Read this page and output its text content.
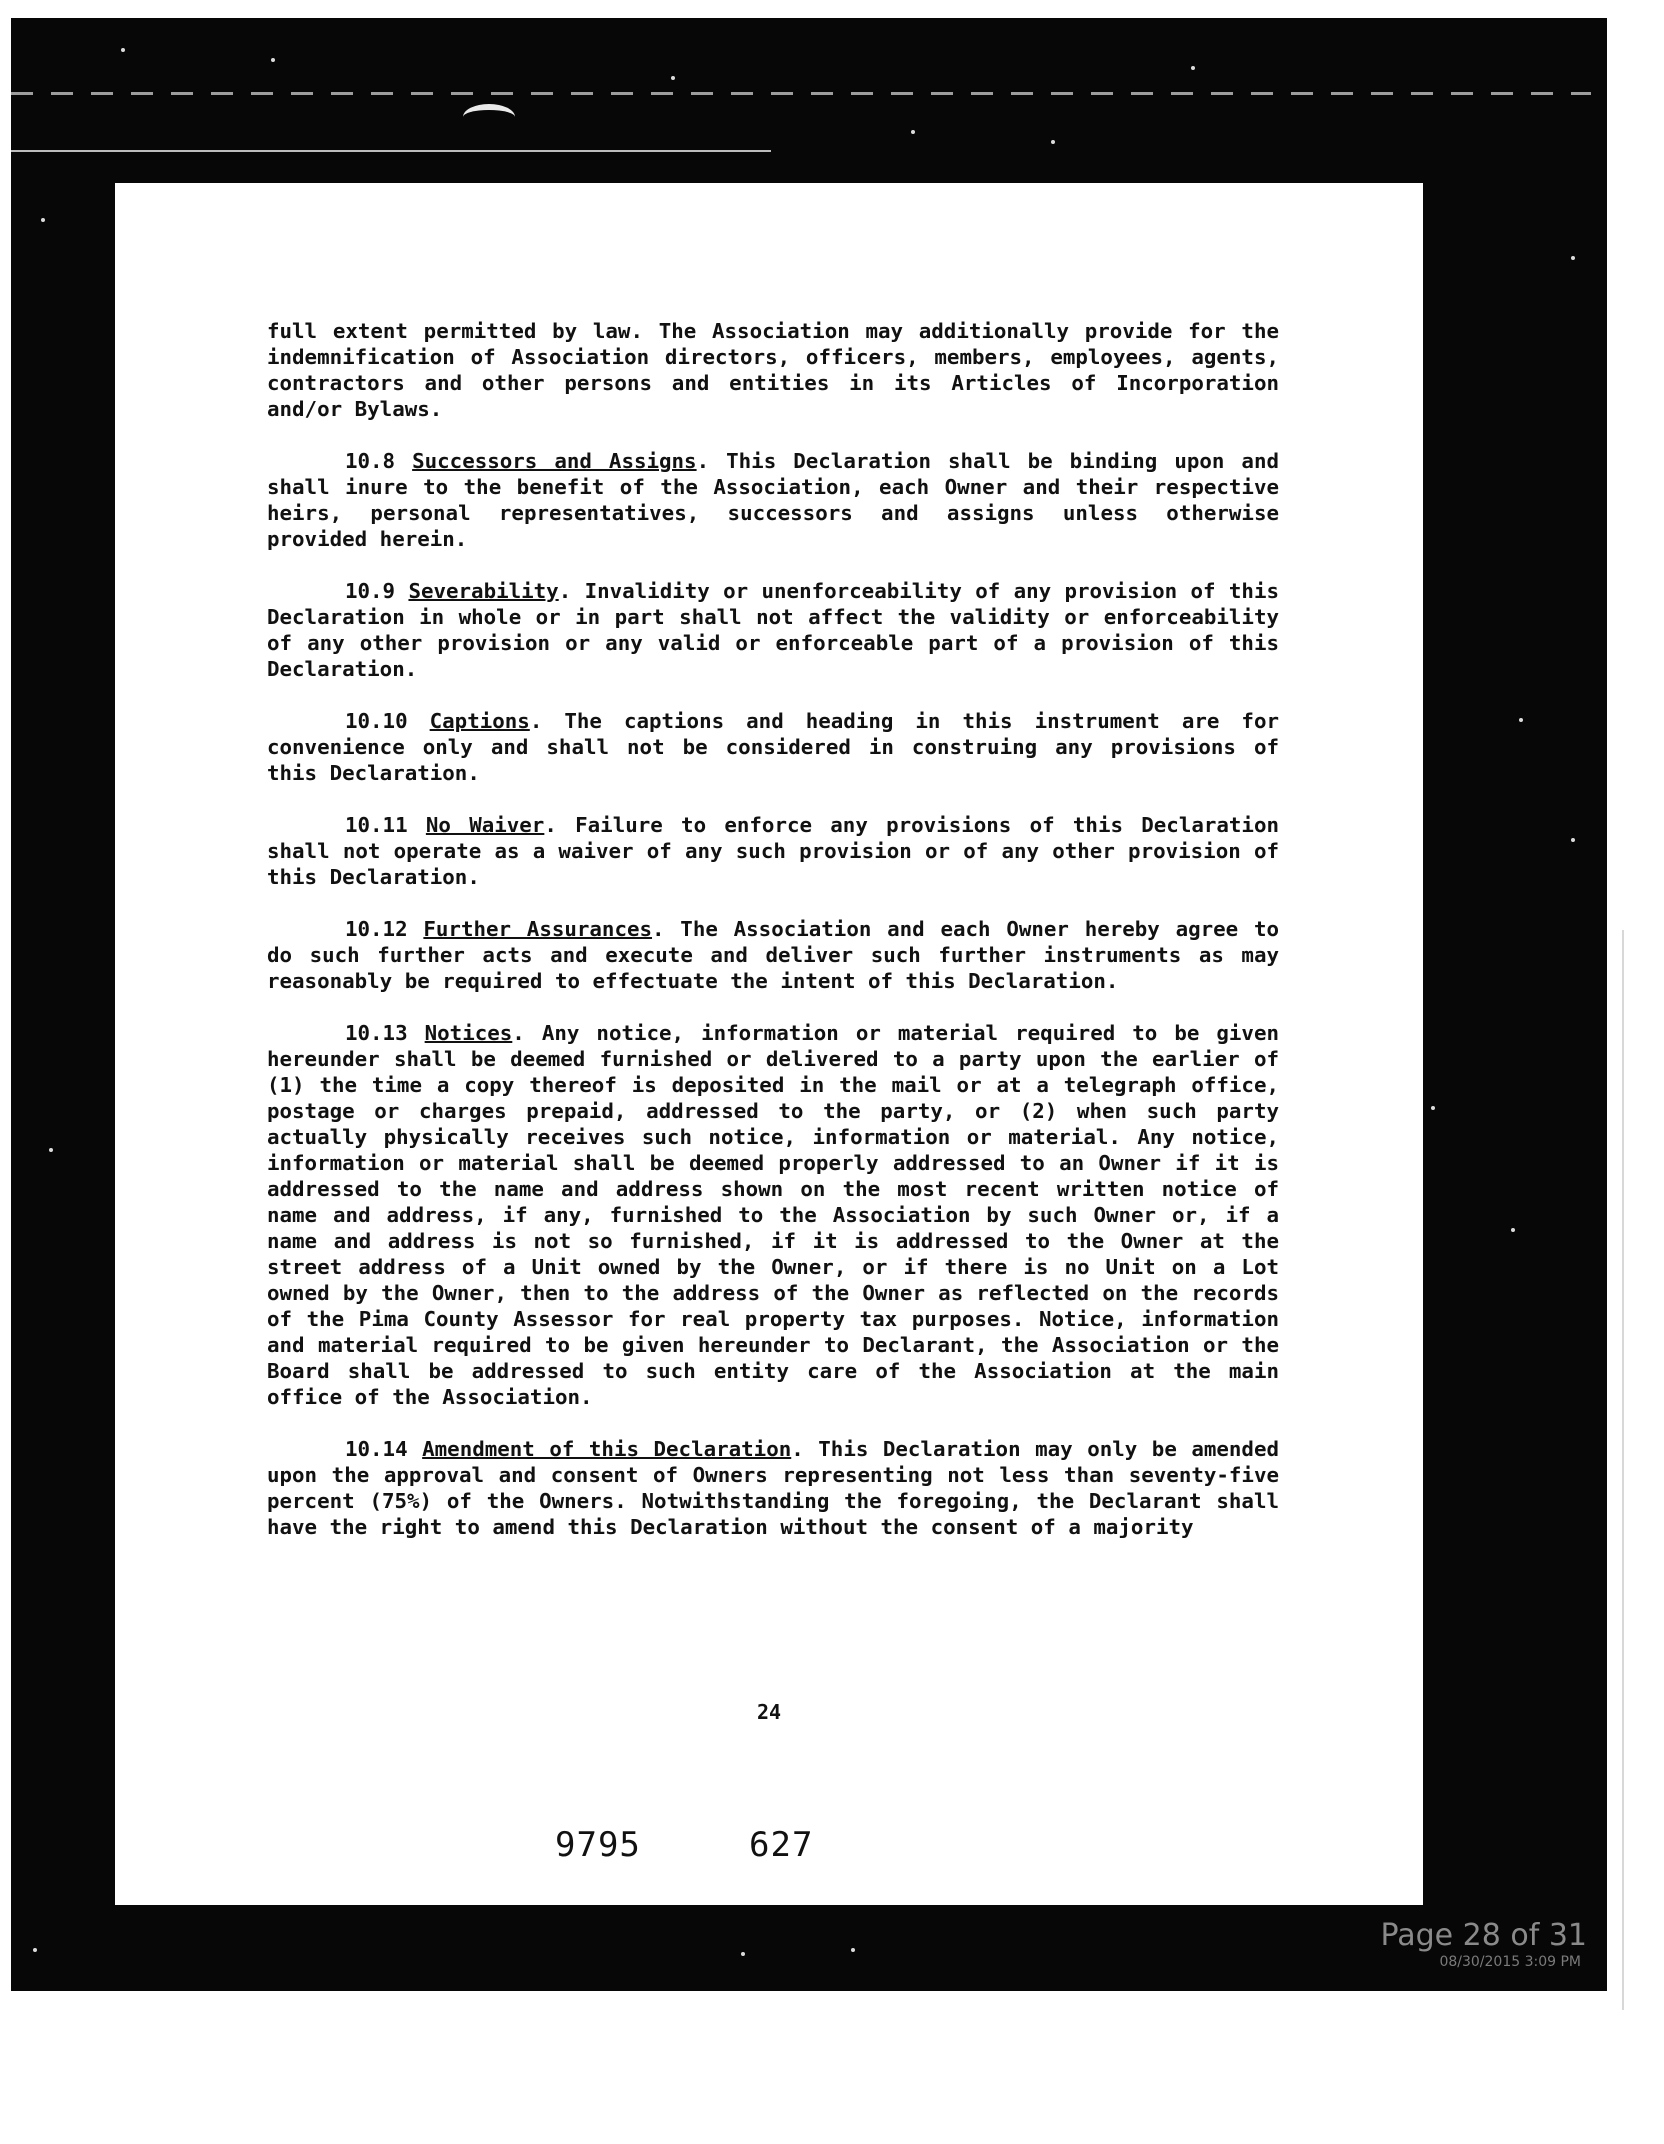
full extent permitted by law. The Association may additionally provide for the indemnification of Association directors, officers, members, employees, agents, contractors and other persons and entities in its Articles of Incorporation and/or Bylaws.

10.8 Successors and Assigns. This Declaration shall be binding upon and shall inure to the benefit of the Association, each Owner and their respective heirs, personal representatives, successors and assigns unless otherwise provided herein.

10.9 Severability. Invalidity or unenforceability of any provision of this Declaration in whole or in part shall not affect the validity or enforceability of any other provision or any valid or enforceable part of a provision of this Declaration.

10.10 Captions. The captions and heading in this instrument are for convenience only and shall not be considered in construing any provisions of this Declaration.

10.11 No Waiver. Failure to enforce any provisions of this Declaration shall not operate as a waiver of any such provision or of any other provision of this Declaration.

10.12 Further Assurances. The Association and each Owner hereby agree to do such further acts and execute and deliver such further instruments as may reasonably be required to effectuate the intent of this Declaration.

10.13 Notices. Any notice, information or material required to be given hereunder shall be deemed furnished or delivered to a party upon the earlier of (1) the time a copy thereof is deposited in the mail or at a telegraph office, postage or charges prepaid, addressed to the party, or (2) when such party actually physically receives such notice, information or material. Any notice, information or material shall be deemed properly addressed to an Owner if it is addressed to the name and address shown on the most recent written notice of name and address, if any, furnished to the Association by such Owner or, if a name and address is not so furnished, if it is addressed to the Owner at the street address of a Unit owned by the Owner, or if there is no Unit on a Lot owned by the Owner, then to the address of the Owner as reflected on the records of the Pima County Assessor for real property tax purposes. Notice, information and material required to be given hereunder to Declarant, the Association or the Board shall be addressed to such entity care of the Association at the main office of the Association.

10.14 Amendment of this Declaration. This Declaration may only be amended upon the approval and consent of Owners representing not less than seventy-five percent (75%) of the Owners. Notwithstanding the foregoing, the Declarant shall have the right to amend this Declaration without the consent of a majority

24
9795	627
Page 28 of 31
08/30/2015 3:09 PM
